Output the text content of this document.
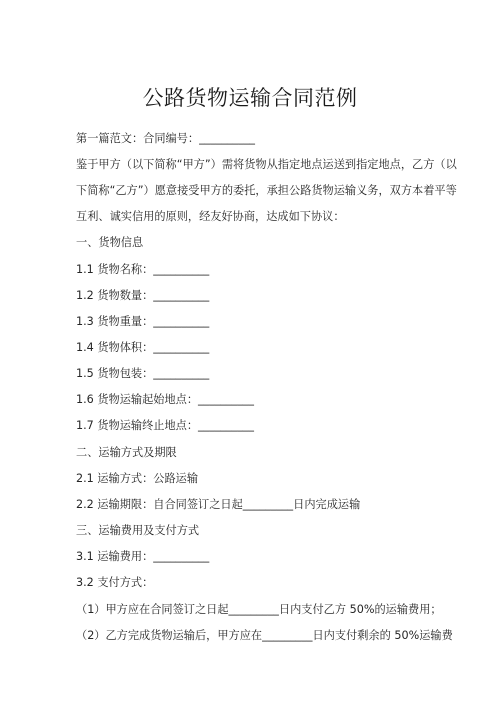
公路货物运输合同范例
第一篇范文：合同编号：__________
鉴于甲方（以下简称“甲方”）需将货物从指定地点运送到指定地点，乙方（以
下简称“乙方”）愿意接受甲方的委托，承担公路货物运输义务，双方本着平等
互利、诚实信用的原则，经友好协商，达成如下协议：
一、货物信息
1.1 货物名称：__________
1.2 货物数量：__________
1.3 货物重量：__________
1.4 货物体积：__________
1.5 货物包装：__________
1.6 货物运输起始地点：__________
1.7 货物运输终止地点：__________
二、运输方式及期限
2.1 运输方式：公路运输
2.2 运输期限：自合同签订之日起_________日内完成运输
三、运输费用及支付方式
3.1 运输费用：__________
3.2 支付方式：
（1）甲方应在合同签订之日起_________日内支付乙方 50%的运输费用；
（2）乙方完成货物运输后，甲方应在_________日内支付剩余的 50%运输费
